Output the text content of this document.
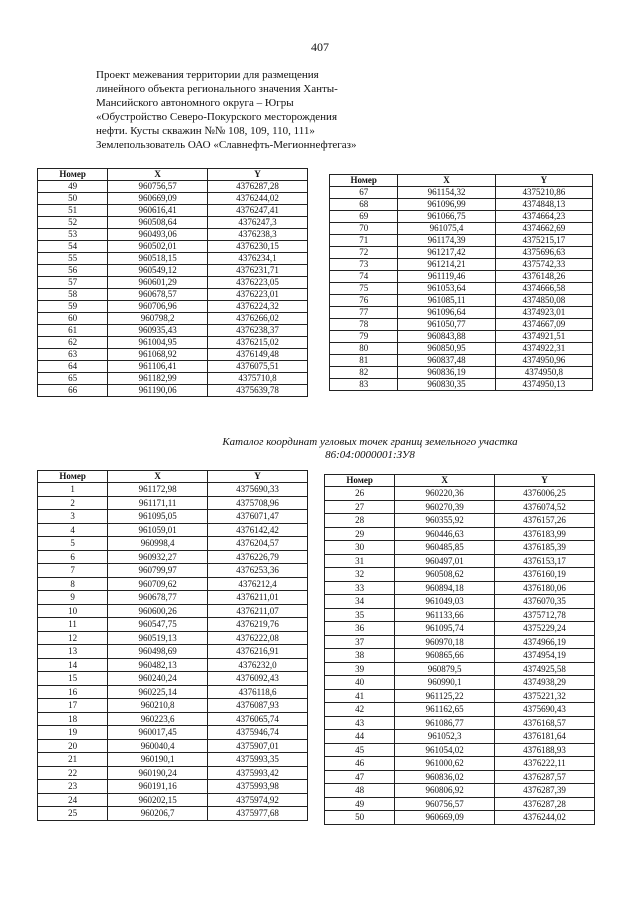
407
Проект межевания территории для размещения
линейного объекта регионального значения Ханты-
Мансийского автономного округа – Югры
«Обустройство Северо-Покурского месторождения
нефти. Кусты скважин №№ 108, 109, 110, 111»
Землепользователь ОАО «Славнефть-Мегионнефтегаз»
Номер	X	Y
49	960756,57	4376287,28
50	960669,09	4376244,02
51	960616,41	4376247,41
52	960508,64	4376247,3
53	960493,06	4376238,3
54	960502,01	4376230,15
55	960518,15	4376234,1
56	960549,12	4376231,71
57	960601,29	4376223,05
58	960678,57	4376223,01
59	960706,96	4376224,32
60	960798,2	4376266,02
61	960935,43	4376238,37
62	961004,95	4376215,02
63	961068,92	4376149,48
64	961106,41	4376075,51
65	961182,99	4375710,8
66	961190,06	4375639,78
Номер	X	Y
67	961154,32	4375210,86
68	961096,99	4374848,13
69	961066,75	4374664,23
70	961075,4	4374662,69
71	961174,39	4375215,17
72	961217,42	4375696,63
73	961214,21	4375742,33
74	961119,46	4376148,26
75	961053,64	4374666,58
76	961085,11	4374850,08
77	961096,64	4374923,01
78	961050,77	4374667,09
79	960843,88	4374921,51
80	960850,95	4374922,31
81	960837,48	4374950,96
82	960836,19	4374950,8
83	960830,35	4374950,13
Каталог координат угловых точек границ земельного участка
86:04:0000001:ЗУ8
Номер	X	Y
1	961172,98	4375690,33
2	961171,11	4375708,96
3	961095,05	4376071,47
4	961059,01	4376142,42
5	960998,4	4376204,57
6	960932,27	4376226,79
7	960799,97	4376253,36
8	960709,62	4376212,4
9	960678,77	4376211,01
10	960600,26	4376211,07
11	960547,75	4376219,76
12	960519,13	4376222,08
13	960498,69	4376216,91
14	960482,13	4376232,0
15	960240,24	4376092,43
16	960225,14	4376118,6
17	960210,8	4376087,93
18	960223,6	4376065,74
19	960017,45	4375946,74
20	960040,4	4375907,01
21	960190,1	4375993,35
22	960190,24	4375993,42
23	960191,16	4375993,98
24	960202,15	4375974,92
25	960206,7	4375977,68
Номер	X	Y
26	960220,36	4376006,25
27	960270,39	4376074,52
28	960355,92	4376157,26
29	960446,63	4376183,99
30	960485,85	4376185,39
31	960497,01	4376153,17
32	960508,62	4376160,19
33	960894,18	4376180,06
34	961049,03	4376070,35
35	961133,66	4375712,78
36	961095,74	4375229,24
37	960970,18	4374966,19
38	960865,66	4374954,19
39	960879,5	4374925,58
40	960990,1	4374938,29
41	961125,22	4375221,32
42	961162,65	4375690,43
43	961086,77	4376168,57
44	961052,3	4376181,64
45	961054,02	4376188,93
46	961000,62	4376222,11
47	960836,02	4376287,57
48	960806,92	4376287,39
49	960756,57	4376287,28
50	960669,09	4376244,02
